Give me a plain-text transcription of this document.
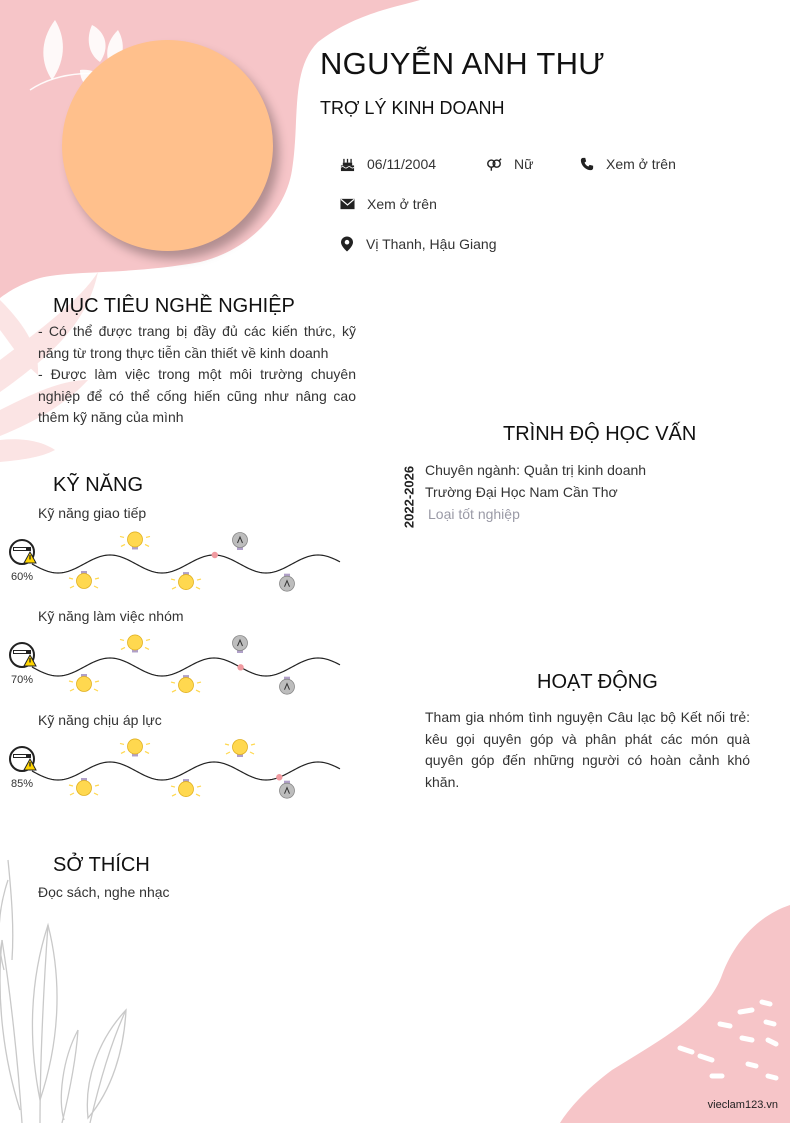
NGUYỄN ANH THƯ
TRỢ LÝ KINH DOANH
06/11/2004	Nữ	Xem ở trên
Xem ở trên
Vị Thanh, Hậu Giang
MỤC TIÊU NGHỀ NGHIỆP
- Có thể được trang bị đầy đủ các kiến thức, kỹ năng từ trong thực tiễn cần thiết về kinh doanh
- Được làm việc trong một môi trường chuyên nghiệp để có thể cống hiến cũng như nâng cao thêm kỹ năng của mình
KỸ NĂNG
Kỹ năng giao tiếp
60%
Kỹ năng làm việc nhóm
70%
Kỹ năng chịu áp lực
85%
SỞ THÍCH
Đọc sách, nghe nhạc
TRÌNH ĐỘ HỌC VẤN
2022-2026 Chuyên ngành: Quản trị kinh doanh
Trường Đại Học Nam Cần Thơ
Loại tốt nghiệp
HOẠT ĐỘNG
Tham gia nhóm tình nguyện Câu lạc bộ Kết nối trẻ: kêu gọi quyên góp và phân phát các món quà quyên góp đến những người có hoàn cảnh khó khăn.
vieclam123.vn
